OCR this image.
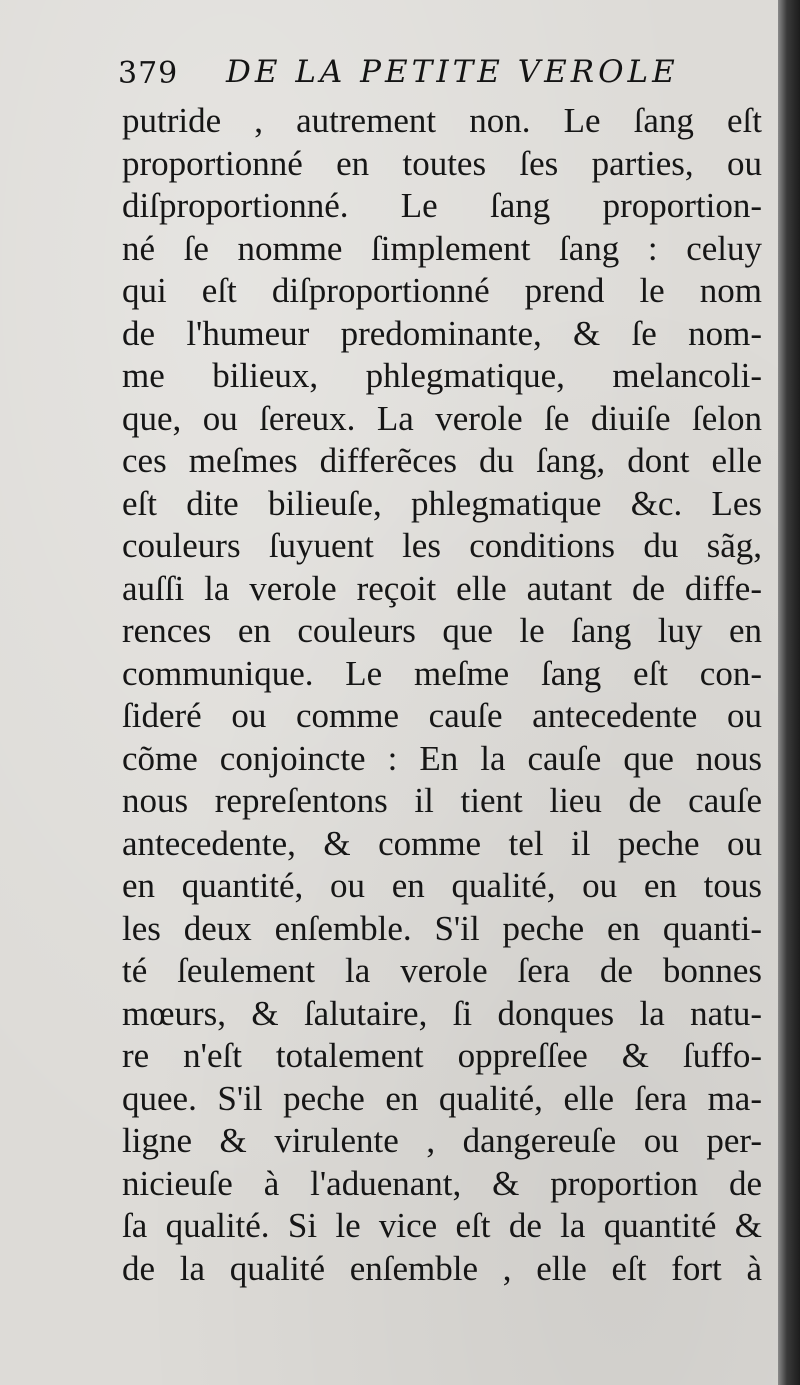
379 DE LA PETITE VEROLE
putride , autrement non. Le ſang eſt
proportionné en toutes ſes parties, ou
diſproportionné. Le ſang proportion-
né ſe nomme ſimplement ſang : celuy
qui eſt diſproportionné prend le nom
de l'humeur predominante, & ſe nom-
me bilieux, phlegmatique, melancoli-
que, ou ſereux. La verole ſe diuiſe ſelon
ces meſmes differẽces du ſang, dont elle
eſt dite bilieuſe, phlegmatique &c. Les
couleurs ſuyuent les conditions du sãg,
auſſi la verole reçoit elle autant de diffe-
rences en couleurs que le ſang luy en
communique. Le meſme ſang eſt con-
ſideré ou comme cauſe antecedente ou
cõme conjoincte : En la cauſe que nous
nous repreſentons il tient lieu de cauſe
antecedente, & comme tel il peche ou
en quantité, ou en qualité, ou en tous
les deux enſemble. S'il peche en quanti-
té ſeulement la verole ſera de bonnes
mœurs, & ſalutaire, ſi donques la natu-
re n'eſt totalement oppreſſee & ſuffo-
quee. S'il peche en qualité, elle ſera ma-
ligne & virulente , dangereuſe ou per-
nicieuſe à l'aduenant, & proportion de
ſa qualité. Si le vice eſt de la quantité &
de la qualité enſemble , elle eſt fort à
